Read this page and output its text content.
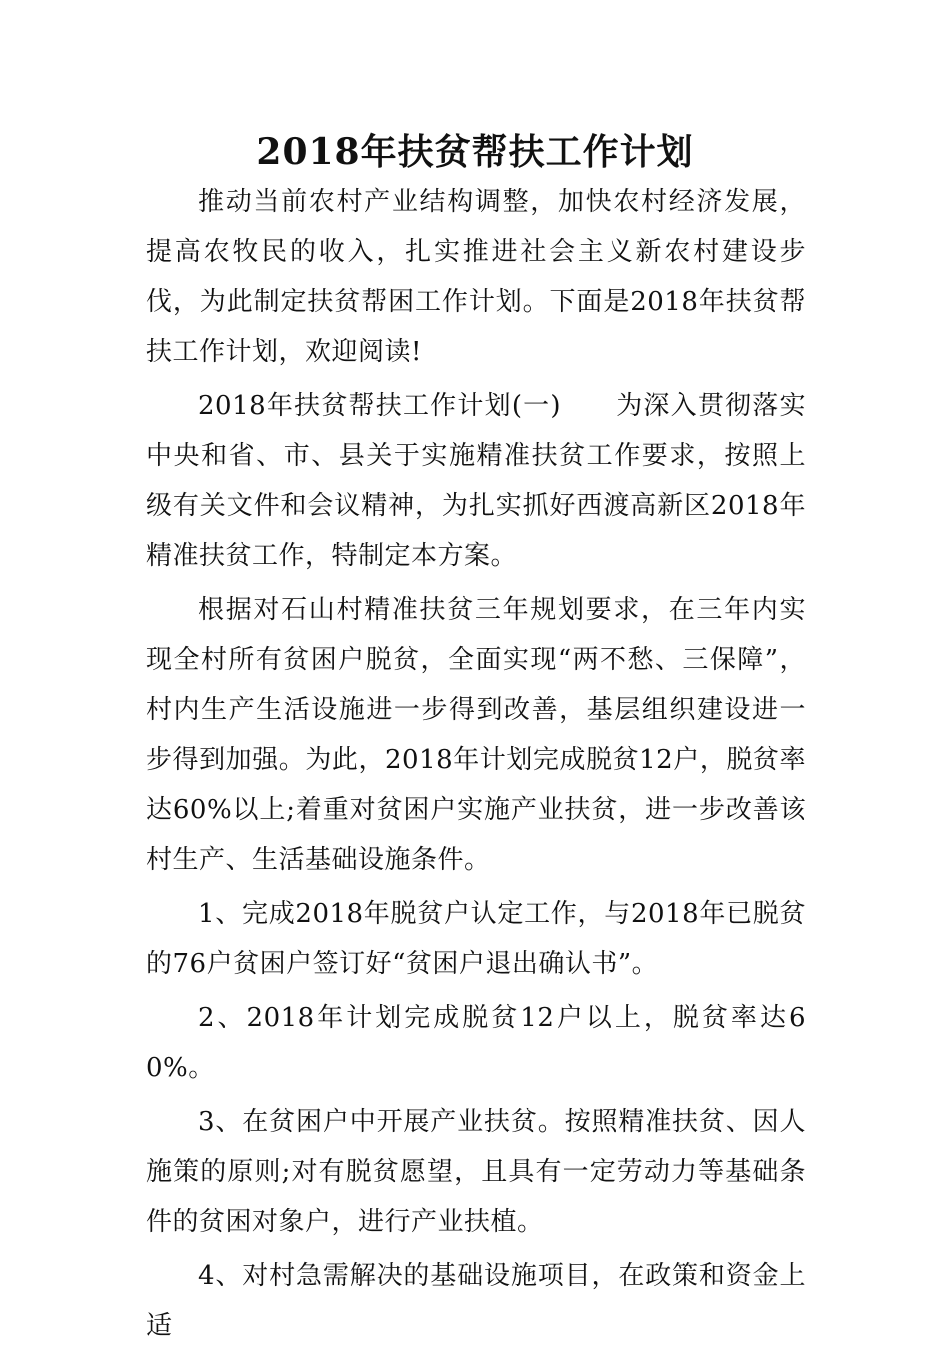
2018年扶贫帮扶工作计划

推动当前农村产业结构调整，加快农村经济发展，提高农牧民的收入，扎实推进社会主义新农村建设步伐，为此制定扶贫帮困工作计划。下面是2018年扶贫帮扶工作计划，欢迎阅读!

2018年扶贫帮扶工作计划(一)　　为深入贯彻落实中央和省、市、县关于实施精准扶贫工作要求，按照上级有关文件和会议精神，为扎实抓好西渡高新区2018年精准扶贫工作，特制定本方案。

根据对石山村精准扶贫三年规划要求，在三年内实现全村所有贫困户脱贫，全面实现“两不愁、三保障”，村内生产生活设施进一步得到改善，基层组织建设进一步得到加强。为此，2018年计划完成脱贫12户，脱贫率达60%以上;着重对贫困户实施产业扶贫，进一步改善该村生产、生活基础设施条件。

1、完成2018年脱贫户认定工作，与2018年已脱贫的76户贫困户签订好“贫困户退出确认书”。

2、2018年计划完成脱贫12户以上，脱贫率达60%。

3、在贫困户中开展产业扶贫。按照精准扶贫、因人施策的原则;对有脱贫愿望，且具有一定劳动力等基础条件的贫困对象户，进行产业扶植。

4、对村急需解决的基础设施项目，在政策和资金上适
